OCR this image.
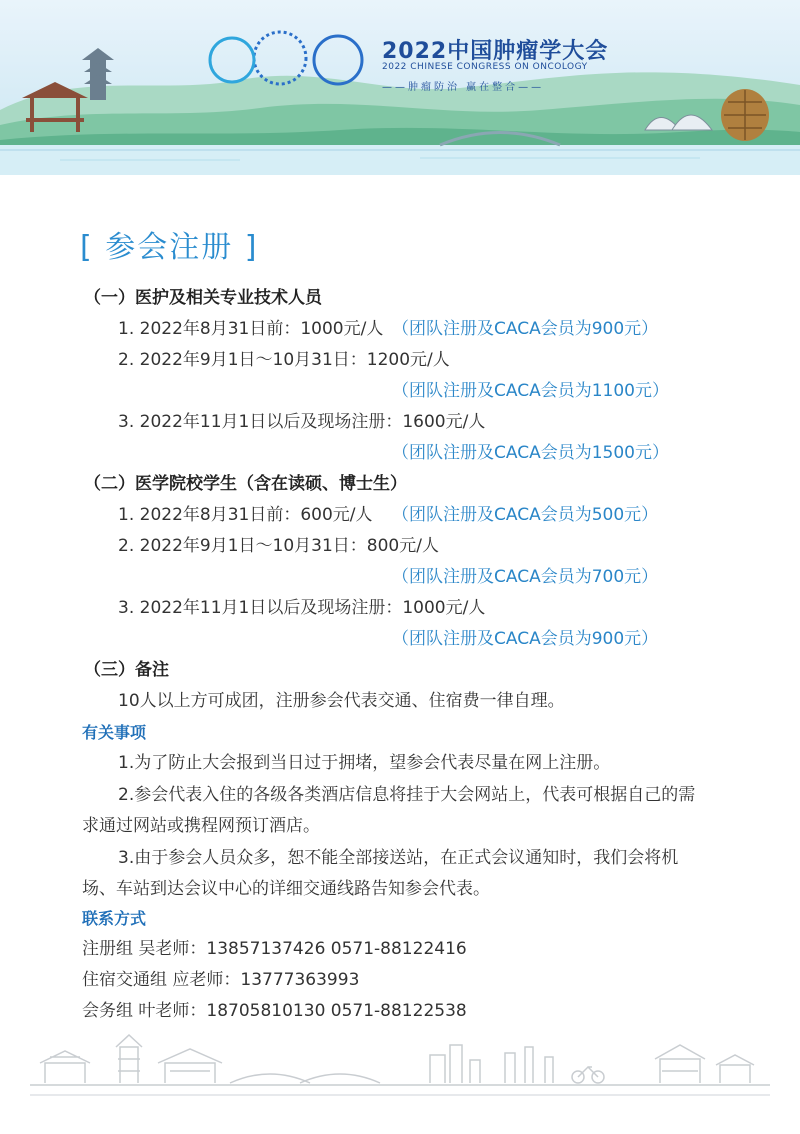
2022中国肿瘤学大会
2022 CHINESE CONGRESS ON ONCOLOGY
——肿瘤防治 赢在整合——
[ 参会注册 ]
（一）医护及相关专业技术人员
1. 2022年8月31日前：1000元/人 （团队注册及CACA会员为900元）
2. 2022年9月1日～10月31日：1200元/人
（团队注册及CACA会员为1100元）
3. 2022年11月1日以后及现场注册：1600元/人
（团队注册及CACA会员为1500元）
（二）医学院校学生（含在读硕、博士生）
1. 2022年8月31日前：600元/人 （团队注册及CACA会员为500元）
2. 2022年9月1日～10月31日：800元/人
（团队注册及CACA会员为700元）
3. 2022年11月1日以后及现场注册：1000元/人
（团队注册及CACA会员为900元）
（三）备注
10人以上方可成团，注册参会代表交通、住宿费一律自理。
有关事项
1.为了防止大会报到当日过于拥堵，望参会代表尽量在网上注册。
2.参会代表入住的各级各类酒店信息将挂于大会网站上，代表可根据自己的需
求通过网站或携程网预订酒店。
3.由于参会人员众多，恕不能全部接送站，在正式会议通知时，我们会将机
场、车站到达会议中心的详细交通线路告知参会代表。
联系方式
注册组 吴老师：13857137426 0571-88122416
住宿交通组 应老师：13777363993
会务组 叶老师：18705810130 0571-88122538
